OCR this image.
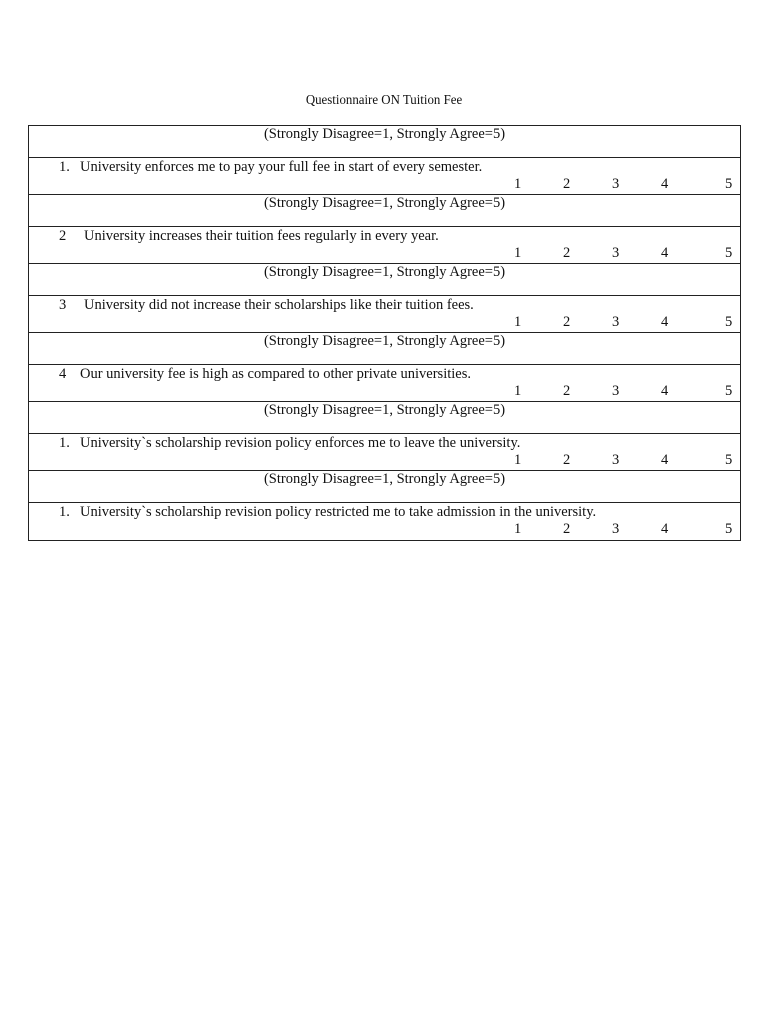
Questionnaire ON Tuition Fee
(Strongly Disagree=1, Strongly Agree=5)
1. University enforces me to pay your full fee in start of every semester.
1	2	3	4	5
(Strongly Disagree=1, Strongly Agree=5)
2 University increases their tuition fees regularly in every year.
1	2	3	4	5
(Strongly Disagree=1, Strongly Agree=5)
3 University did not increase their scholarships like their tuition fees.
1	2	3	4	5
(Strongly Disagree=1, Strongly Agree=5)
4 Our university fee is high as compared to other private universities.
1	2	3	4	5
(Strongly Disagree=1, Strongly Agree=5)
1. University`s scholarship revision policy enforces me to leave the university.
1	2	3	4	5
(Strongly Disagree=1, Strongly Agree=5)
1. University`s scholarship revision policy restricted me to take admission in the university.
1	2	3	4	5
